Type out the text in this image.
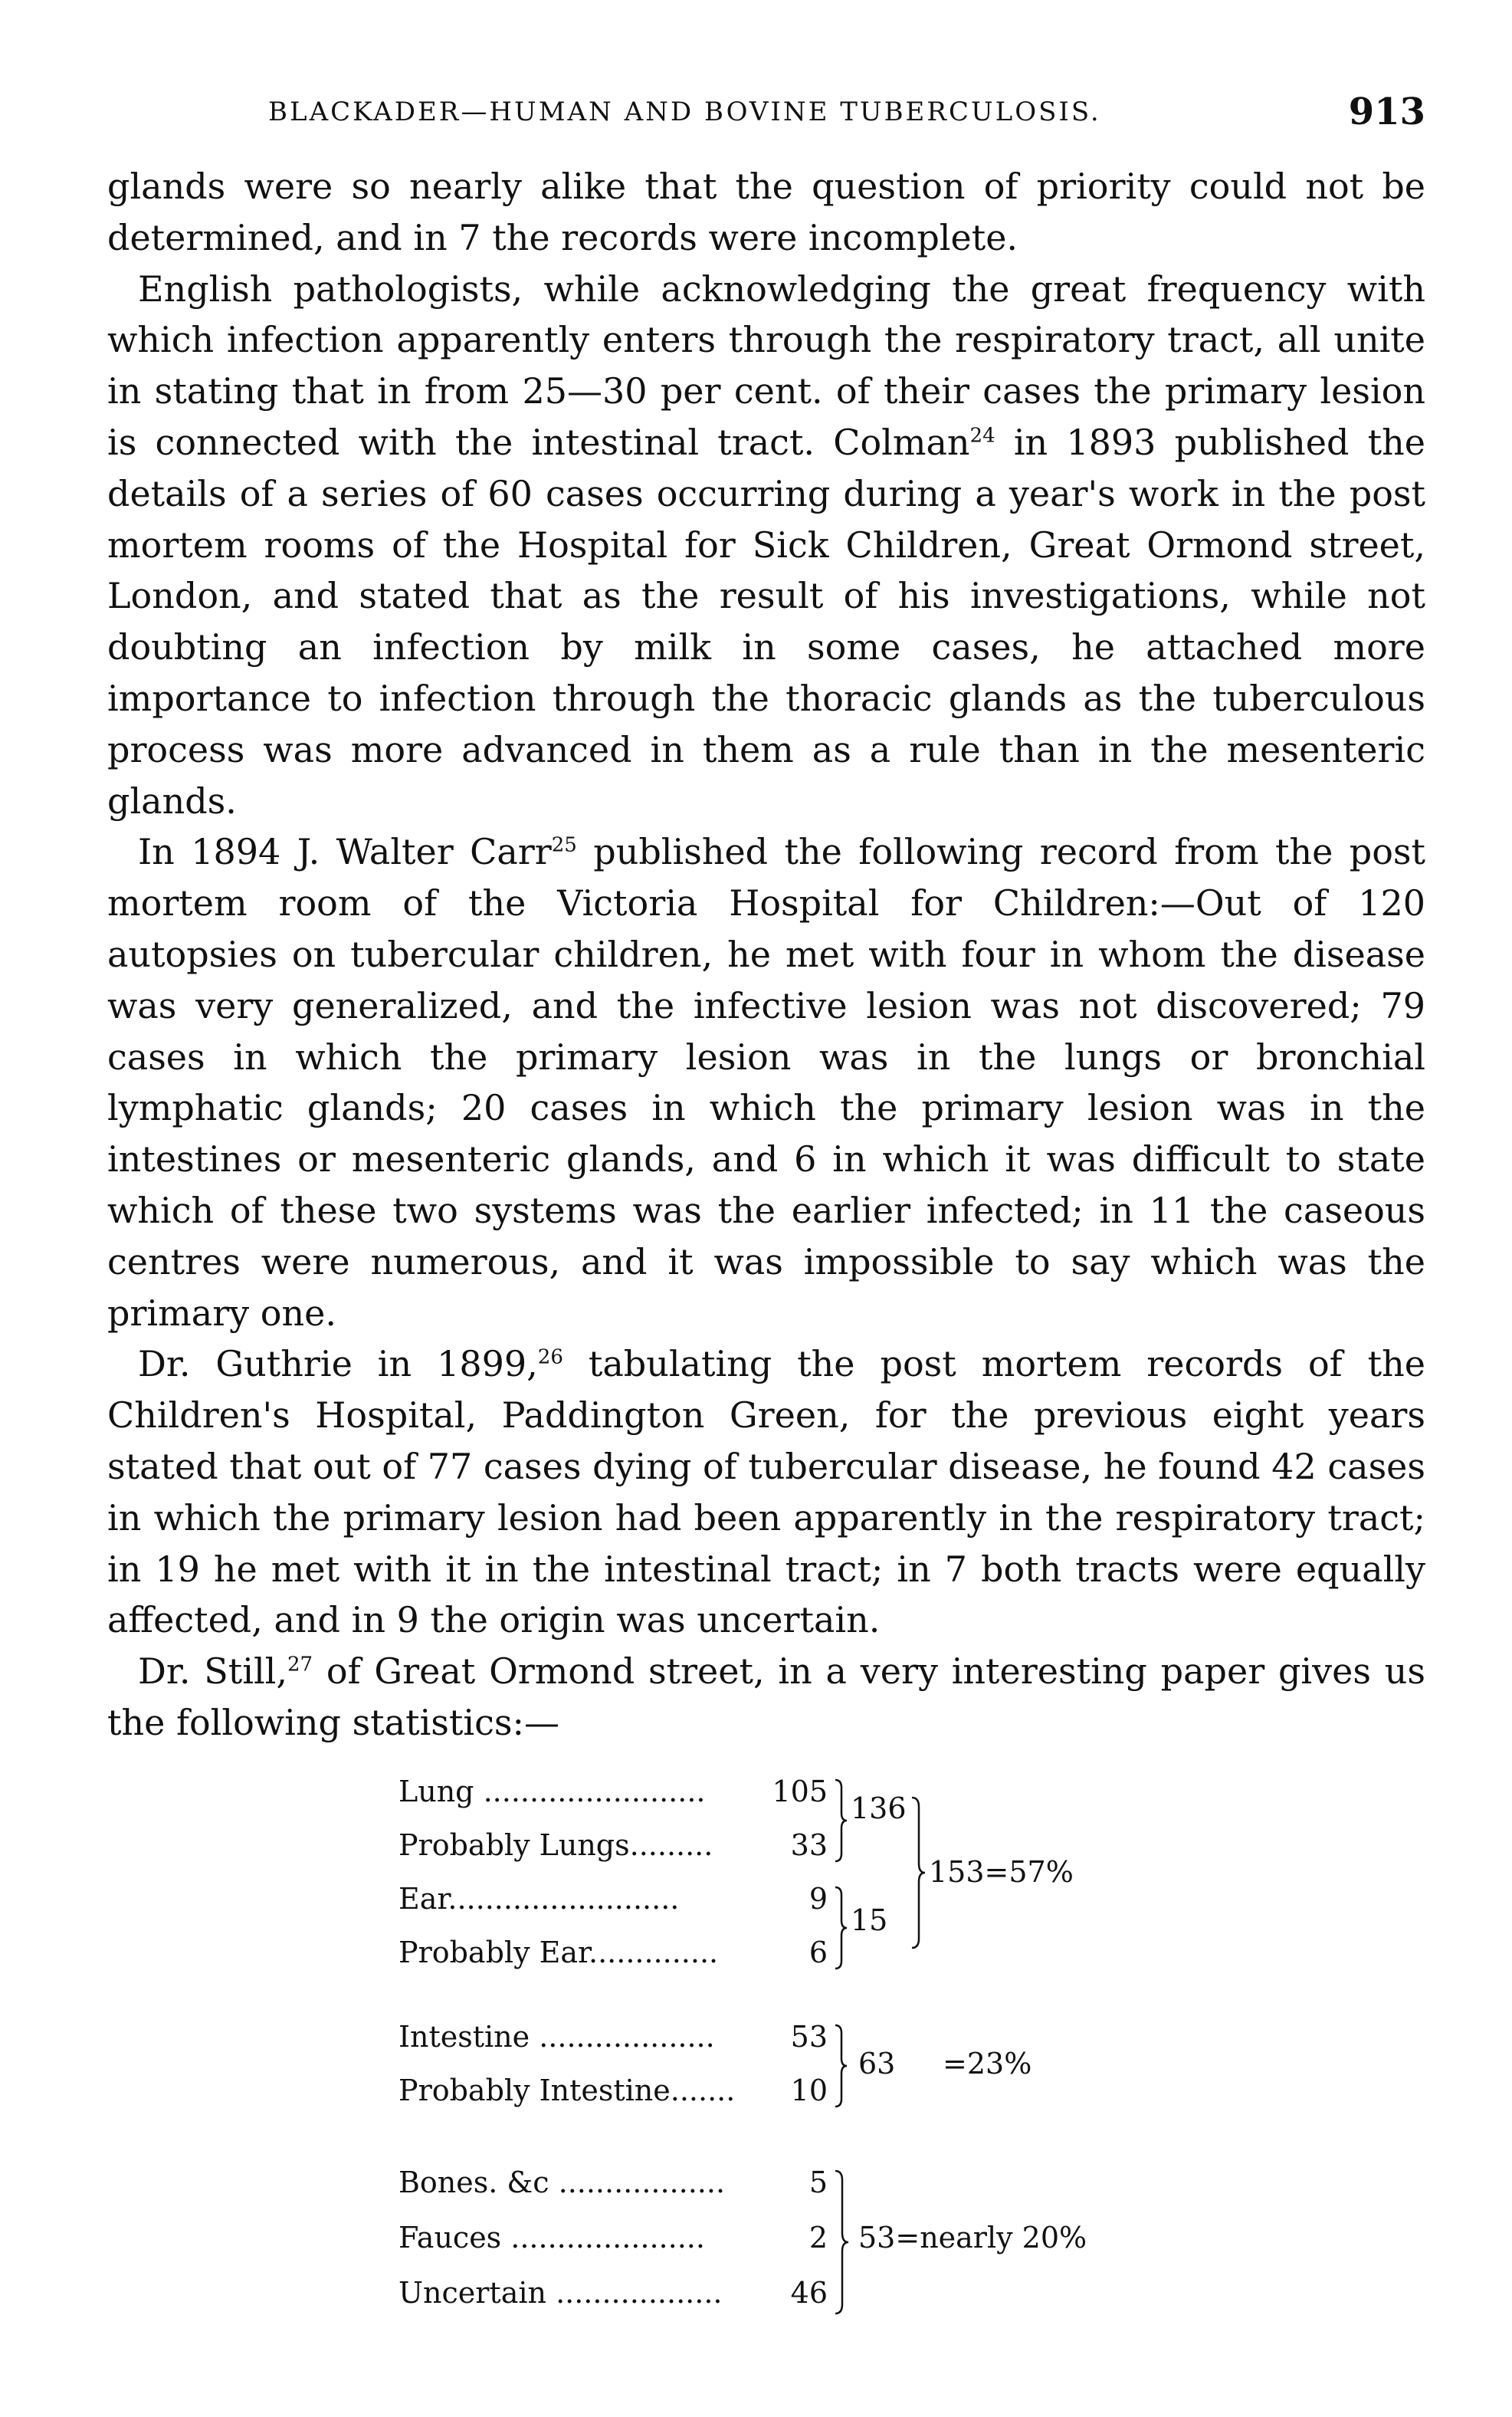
BLACKADER—HUMAN AND BOVINE TUBERCULOSIS.	913

glands were so nearly alike that the question of priority could not be determined, and in 7 the records were incomplete.

English pathologists, while acknowledging the great frequency with which infection apparently enters through the respiratory tract, all unite in stating that in from 25—30 per cent. of their cases the primary lesion is connected with the intestinal tract. Colman$^{24}$ in 1893 published the details of a series of 60 cases occurring during a year's work in the post mortem rooms of the Hospital for Sick Children, Great Ormond street, London, and stated that as the result of his investigations, while not doubting an infection by milk in some cases, he attached more importance to infection through the thoracic glands as the tuberculous process was more advanced in them as a rule than in the mesenteric glands.

In 1894 J. Walter Carr$^{25}$ published the following record from the post mortem room of the Victoria Hospital for Children:—Out of 120 autopsies on tubercular children, he met with four in whom the disease was very generalized, and the infective lesion was not discovered; 79 cases in which the primary lesion was in the lungs or bronchial lymphatic glands; 20 cases in which the primary lesion was in the intestines or mesenteric glands, and 6 in which it was difficult to state which of these two systems was the earlier infected; in 11 the caseous centres were numerous, and it was impossible to say which was the primary one.

Dr. Guthrie in 1899,26 tabulating the post mortem records of the Children's Hospital, Paddington Green, for the previous eight years stated that out of 77 cases dying of tubercular disease, he found 42 cases in which the primary lesion had been apparently in the respiratory tract; in 19 he met with it in the intestinal tract; in 7 both tracts were equally affected, and in 9 the origin was uncertain.

Dr. Still,$^{27}$ of Great Ormond street, in a very interesting paper gives us the following statistics:—

Lung ........................ 105
Probably Lungs.........	33
Ear.........................	9
Probably Ear..............	6
136
15
153=57%
Intestine ...................	53
Probably Intestine....... 10
63 =23%
Bones. &c ..................	5
Fauces .....................	2
Uncertain .................. 46
53=nearly 20%
